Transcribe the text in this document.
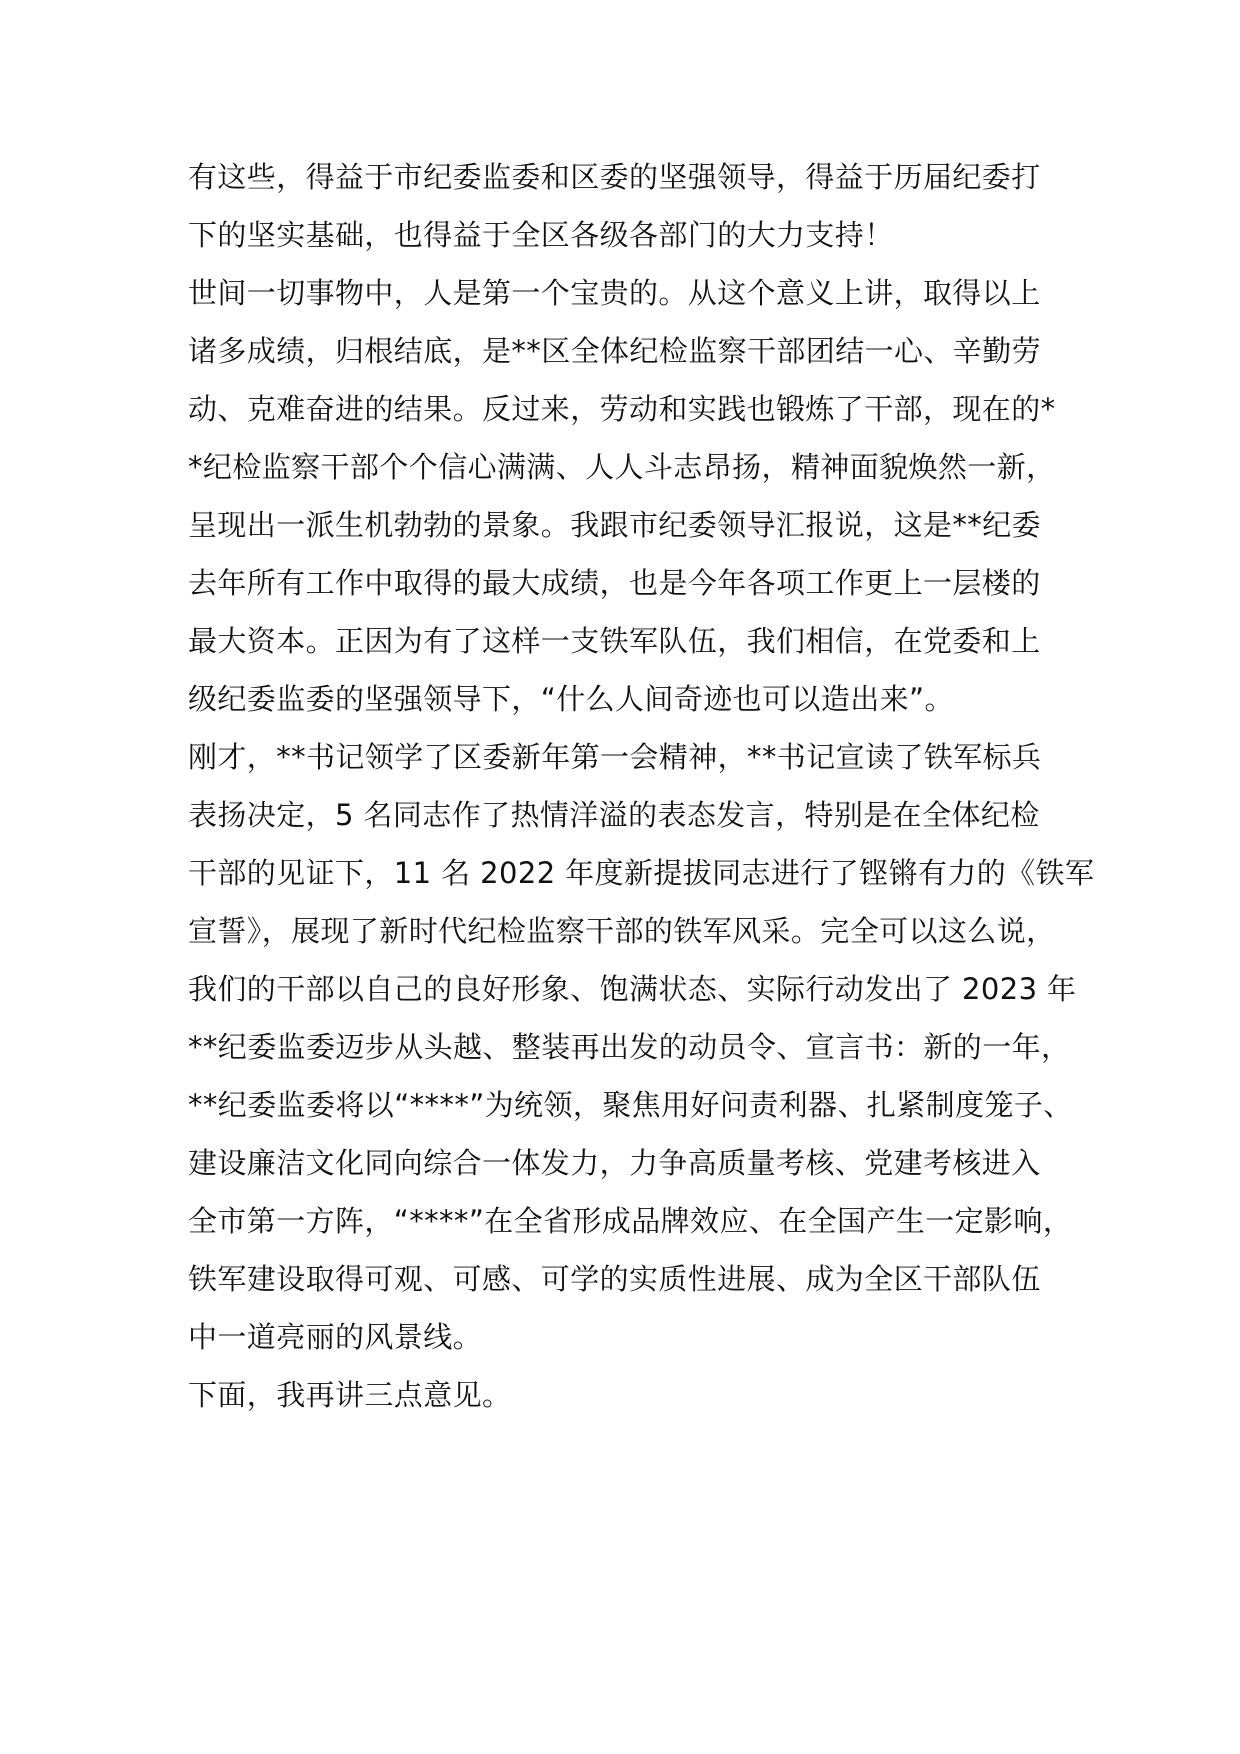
有这些，得益于市纪委监委和区委的坚强领导，得益于历届纪委打
下的坚实基础，也得益于全区各级各部门的大力支持！
世间一切事物中，人是第一个宝贵的。从这个意义上讲，取得以上
诸多成绩，归根结底，是**区全体纪检监察干部团结一心、辛勤劳
动、克难奋进的结果。反过来，劳动和实践也锻炼了干部，现在的*
*纪检监察干部个个信心满满、人人斗志昂扬，精神面貌焕然一新，
呈现出一派生机勃勃的景象。我跟市纪委领导汇报说，这是**纪委
去年所有工作中取得的最大成绩，也是今年各项工作更上一层楼的
最大资本。正因为有了这样一支铁军队伍，我们相信，在党委和上
级纪委监委的坚强领导下，“什么人间奇迹也可以造出来”。
刚才，**书记领学了区委新年第一会精神，**书记宣读了铁军标兵
表扬决定，5 名同志作了热情洋溢的表态发言，特别是在全体纪检
干部的见证下，11 名 2022 年度新提拔同志进行了铿锵有力的《铁军
宣誓》，展现了新时代纪检监察干部的铁军风采。完全可以这么说，
我们的干部以自己的良好形象、饱满状态、实际行动发出了 2023 年
**纪委监委迈步从头越、整装再出发的动员令、宣言书：新的一年，
**纪委监委将以“****”为统领，聚焦用好问责利器、扎紧制度笼子、
建设廉洁文化同向综合一体发力，力争高质量考核、党建考核进入
全市第一方阵，“****”在全省形成品牌效应、在全国产生一定影响，
铁军建设取得可观、可感、可学的实质性进展、成为全区干部队伍
中一道亮丽的风景线。
下面，我再讲三点意见。
